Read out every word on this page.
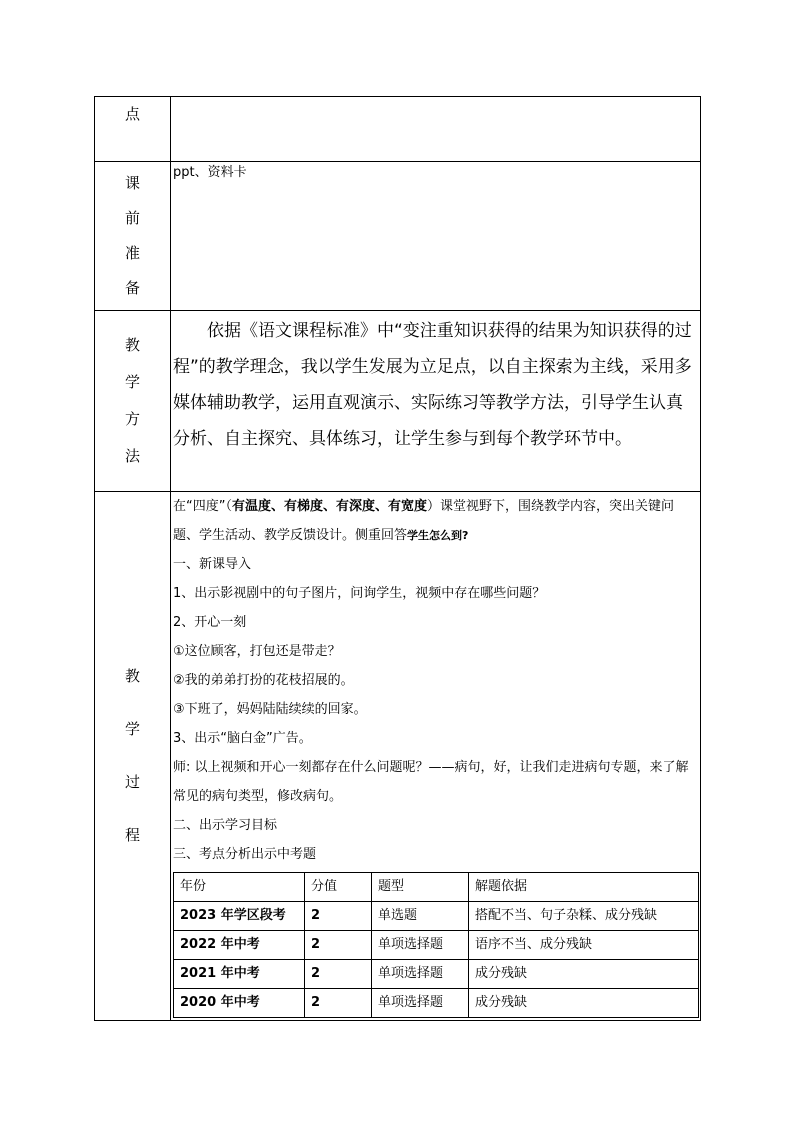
点

课
前
准
备
	ppt、资料卡

教
学
方
法

依据《语文课程标准》中“变注重知识获得的结果为知识获得的过程”的教学理念，我以学生发展为立足点，以自主探索为主线，采用多媒体辅助教学，运用直观演示、实际练习等教学方法，引导学生认真分析、自主探究、具体练习，让学生参与到每个教学环节中。

教
学
过
程

在“四度”（有温度、有梯度、有深度、有宽度）课堂视野下，围绕教学内容，突出关键问题、学生活动、教学反馈设计。侧重回答学生怎么到?
一、新课导入
1、出示影视剧中的句子图片，问询学生，视频中存在哪些问题？
2、开心一刻
①这位顾客，打包还是带走？
②我的弟弟打扮的花枝招展的。
③下班了，妈妈陆陆续续的回家。
3、出示“脑白金”广告。
师: 以上视频和开心一刻都存在什么问题呢？——病句，好，让我们走进病句专题，来了解常见的病句类型，修改病句。
二、出示学习目标
三、考点分析出示中考题
年份	分值	题型	解题依据
2023 年学区段考	2	单选题	搭配不当、句子杂糅、成分残缺
2022 年中考	2	单项选择题	语序不当、成分残缺
2021 年中考	2	单项选择题	成分残缺
2020 年中考	2	单项选择题	成分残缺
